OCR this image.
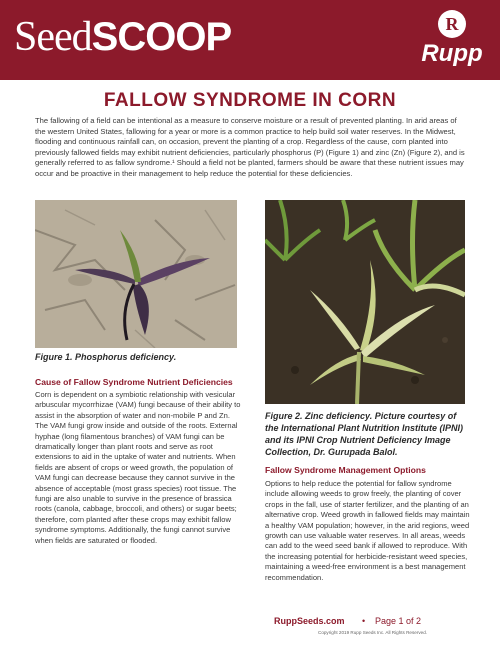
SeedSCOOP	R
Rupp
FALLOW SYNDROME IN CORN
The fallowing of a field can be intentional as a measure to conserve moisture or a result of prevented planting. In arid areas of the western United States, fallowing for a year or more is a common practice to help build soil water reserves. In the Midwest, flooding and continuous rainfall can, on occasion, prevent the planting of a crop. Regardless of the cause, corn planted into previously fallowed fields may exhibit nutrient deficiencies, particularly phosphorus (P) (Figure 1) and zinc (Zn) (Figure 2), and is generally referred to as fallow syndrome.¹ Should a field not be planted, farmers should be aware that these nutrient issues may occur and be proactive in their management to help reduce the potential for these deficiencies.
Figure 1. Phosphorus deficiency.
Figure 2. Zinc deficiency. Picture courtesy of the International Plant Nutrition Institute (IPNI) and its IPNI Crop Nutrient Deficiency Image Collection, Dr. Gurupada Balol.
Cause of Fallow Syndrome Nutrient Deficiencies
Corn is dependent on a symbiotic relationship with vesicular arbuscular mycorrhizae (VAM) fungi because of their ability to assist in the absorption of water and non-mobile P and Zn. The VAM fungi grow inside and outside of the roots. External hyphae (long filamentous branches) of VAM fungi can be dramatically longer than plant roots and serve as root extensions to aid in the uptake of water and nutrients. When fields are absent of crops or weed growth, the population of VAM fungi can decrease because they cannot survive in the absence of acceptable (most grass species) root tissue. The fungi are also unable to survive in the presence of brassica roots (canola, cabbage, broccoli, and others) or sugar beets; therefore, corn planted after these crops may exhibit fallow syndrome symptoms. Additionally, the fungi cannot survive when fields are saturated or flooded.
Fallow Syndrome Management Options
Options to help reduce the potential for fallow syndrome include allowing weeds to grow freely, the planting of cover crops in the fall, use of starter fertilizer, and the planting of an alternative crop. Weed growth in fallowed fields may maintain a healthy VAM population; however, in the arid regions, weed growth can use valuable water reserves. In all areas, weeds can add to the weed seed bank if allowed to reproduce. With the increasing potential for herbicide-resistant weed species, maintaining a weed-free environment is a best management recommendation.
RuppSeeds.com • Page 1 of 2
Copyright 2019 Rupp Seeds Inc. All Rights Reserved.
